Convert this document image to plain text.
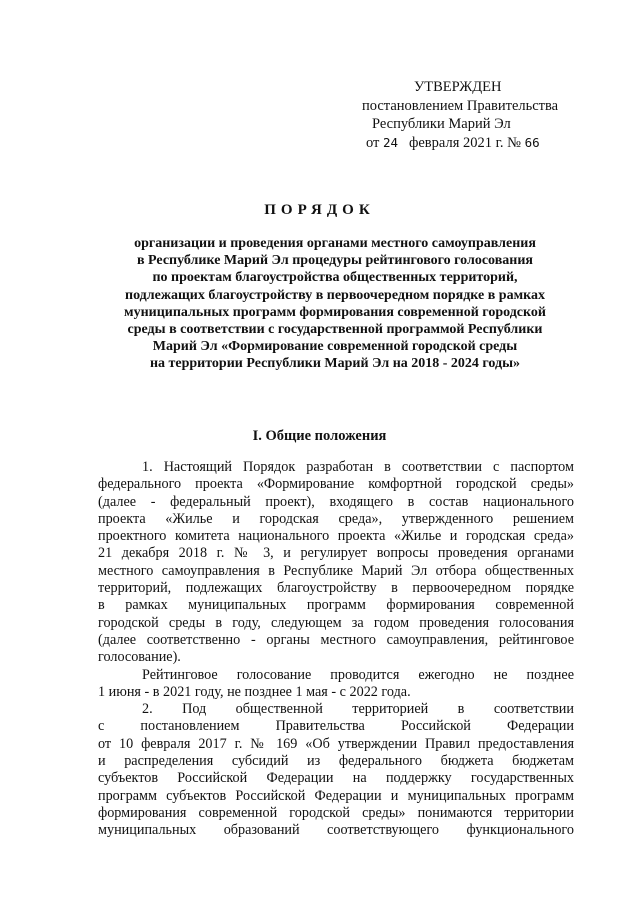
УТВЕРЖДЕН
постановлением Правительства
Республики Марий Эл
от 24 февраля 2021 г. № 66
ПОРЯДОК
организации и проведения органами местного самоуправления
в Республике Марий Эл процедуры рейтингового голосования
по проектам благоустройства общественных территорий,
подлежащих благоустройству в первоочередном порядке в рамках
муниципальных программ формирования современной городской
среды в соответствии с государственной программой Республики
Марий Эл «Формирование современной городской среды
на территории Республики Марий Эл на 2018 - 2024 годы»
I. Общие положения
1. Настоящий Порядок разработан в соответствии с паспортом
федерального проекта «Формирование комфортной городской среды»
(далее - федеральный проект), входящего в состав национального
проекта «Жилье и городская среда», утвержденного решением
проектного комитета национального проекта «Жилье и городская среда»
21 декабря 2018 г. № 3, и регулирует вопросы проведения органами
местного самоуправления в Республике Марий Эл отбора общественных
территорий, подлежащих благоустройству в первоочередном порядке
в рамках муниципальных программ формирования современной
городской среды в году, следующем за годом проведения голосования
(далее соответственно - органы местного самоуправления, рейтинговое
голосование).
Рейтинговое голосование проводится ежегодно не позднее
1 июня - в 2021 году, не позднее 1 мая - с 2022 года.
2. Под общественной территорией в соответствии
с постановлением Правительства Российской Федерации
от 10 февраля 2017 г. № 169 «Об утверждении Правил предоставления
и распределения субсидий из федерального бюджета бюджетам
субъектов Российской Федерации на поддержку государственных
программ субъектов Российской Федерации и муниципальных программ
формирования современной городской среды» понимаются территории
муниципальных образований соответствующего функционального
